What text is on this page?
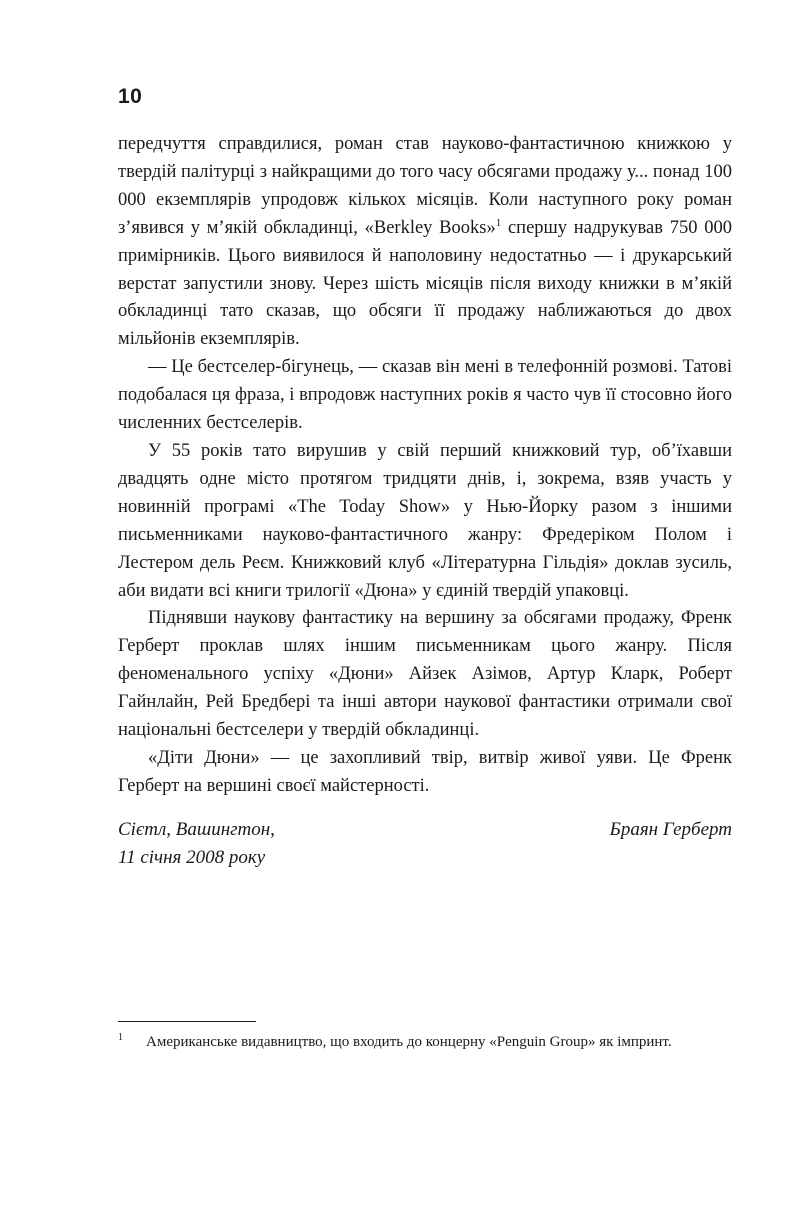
10

передчуття справдилися, роман став науково-фантастичною книжкою у твердій палітурці з найкращими до того часу обсягами продажу у... понад 100 000 екземплярів упродовж кількох місяців. Коли наступного року роман з’явився у м’якій обкладинці, «Berkley Books»$^1$ спершу надрукував 750 000 примірників. Цього виявилося й наполовину недостатньо — і друкарський верстат запустили знову. Через шість місяців після виходу книжки в м’якій обкладинці тато сказав, що обсяги її продажу наближаються до двох мільйонів екземплярів.

— Це бестселер-бігунець, — сказав він мені в телефонній розмові. Татові подобалася ця фраза, і впродовж наступних років я часто чув її стосовно його численних бестселерів.

У 55 років тато вирушив у свій перший книжковий тур, об’їхавши двадцять одне місто протягом тридцяти днів, і, зокрема, взяв участь у новинній програмі «The Today Show» у Нью-Йорку разом з іншими письменниками науково-фантастичного жанру: Фредеріком Полом і Лестером дель Реєм. Книжковий клуб «Літературна Гільдія» доклав зусиль, аби видати всі книги трилогії «Дюна» у єдиній твердій упаковці.

Піднявши наукову фантастику на вершину за обсягами продажу, Френк Герберт проклав шлях іншим письменникам цього жанру. Після феноменального успіху «Дюни» Айзек Азімов, Артур Кларк, Роберт Гайнлайн, Рей Бредбері та інші автори наукової фантастики отримали свої національні бестселери у твердій обкладинці.

«Діти Дюни» — це захопливий твір, витвір живої уяви. Це Френк Герберт на вершині своєї майстерності.

Сієтл, Вашингтон,
11 січня 2008 року
Браян Герберт
1 Американське видавництво, що входить до концерну «Penguin Group» як імпринт.
